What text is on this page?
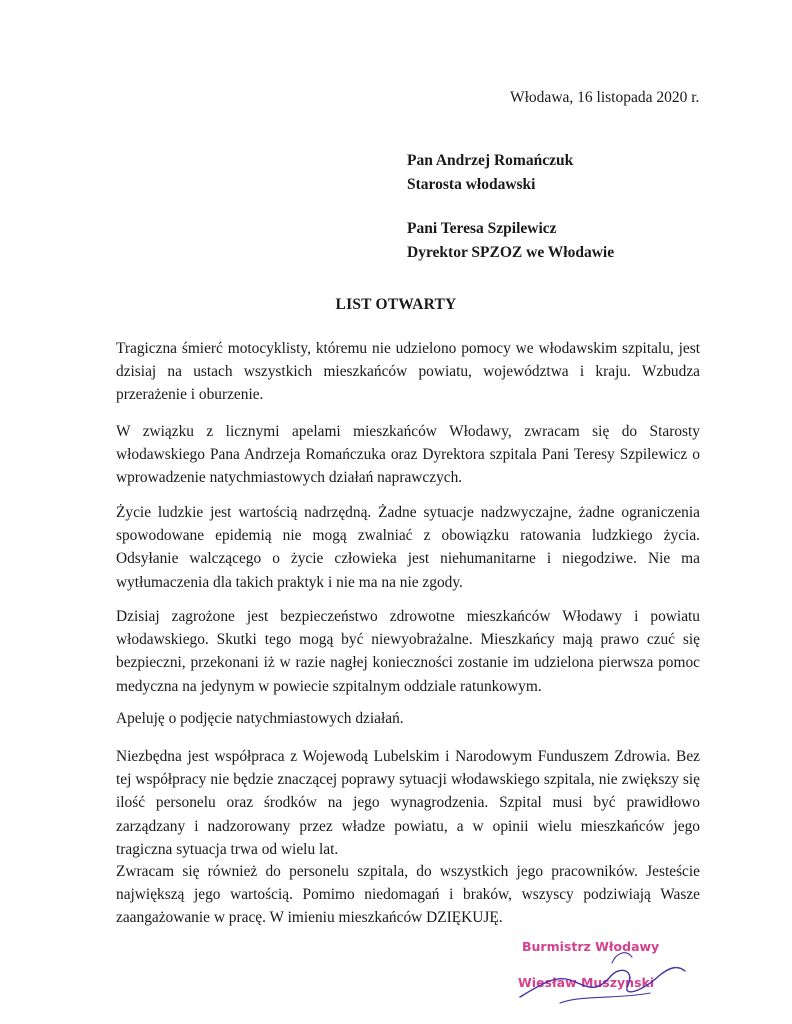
Włodawa, 16 listopada 2020 r.
Pan Andrzej Romańczuk
Starosta włodawski
Pani Teresa Szpilewicz
Dyrektor SPZOZ we Włodawie
LIST OTWARTY
Tragiczna śmierć motocyklisty, któremu nie udzielono pomocy we włodawskim szpitalu, jest dzisiaj na ustach wszystkich mieszkańców powiatu, województwa i kraju. Wzbudza przerażenie i oburzenie.
W związku z licznymi apelami mieszkańców Włodawy, zwracam się do Starosty włodawskiego Pana Andrzeja Romańczuka oraz Dyrektora szpitala Pani Teresy Szpilewicz o wprowadzenie natychmiastowych działań naprawczych.
Życie ludzkie jest wartością nadrzędną. Żadne sytuacje nadzwyczajne, żadne ograniczenia spowodowane epidemią nie mogą zwalniać z obowiązku ratowania ludzkiego życia. Odsyłanie walczącego o życie człowieka jest niehumanitarne i niegodziwe. Nie ma wytłumaczenia dla takich praktyk i nie ma na nie zgody.
Dzisiaj zagrożone jest bezpieczeństwo zdrowotne mieszkańców Włodawy i powiatu włodawskiego. Skutki tego mogą być niewyobrażalne. Mieszkańcy mają prawo czuć się bezpieczni, przekonani iż w razie nagłej konieczności zostanie im udzielona pierwsza pomoc medyczna na jedynym w powiecie szpitalnym oddziale ratunkowym.
Apeluję o podjęcie natychmiastowych działań.
Niezbędna jest współpraca z Wojewodą Lubelskim i Narodowym Funduszem Zdrowia. Bez tej współpracy nie będzie znaczącej poprawy sytuacji włodawskiego szpitala, nie zwiększy się ilość personelu oraz środków na jego wynagrodzenia. Szpital musi być prawidłowo zarządzany i nadzorowany przez władze powiatu, a w opinii wielu mieszkańców jego tragiczna sytuacja trwa od wielu lat.
Zwracam się również do personelu szpitala, do wszystkich jego pracowników. Jesteście największą jego wartością. Pomimo niedomagań i braków, wszyscy podziwiają Wasze zaangażowanie w pracę. W imieniu mieszkańców DZIĘKUJĘ.
Burmistrz Włodawy
Wiesław Muszyński
